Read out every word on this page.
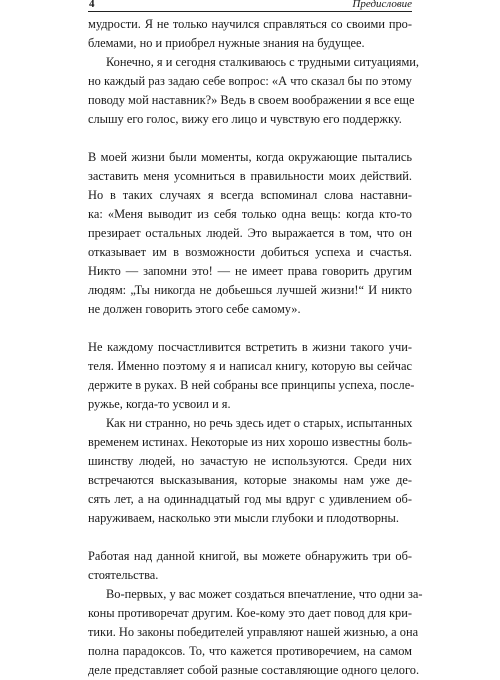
4	Предисловие
мудрости. Я не только научился справляться со своими про-
блемами, но и приобрел нужные знания на будущее.
Конечно, я и сегодня сталкиваюсь с трудными ситуациями,
но каждый раз задаю себе вопрос: «А что сказал бы по этому
поводу мой наставник?» Ведь в своем воображении я все еще
слышу его голос, вижу его лицо и чувствую его поддержку.
В моей жизни были моменты, когда окружающие пытались
заставить меня усомниться в правильности моих действий.
Но в таких случаях я всегда вспоминал слова наставни-
ка: «Меня выводит из себя только одна вещь: когда кто-то
презирает остальных людей. Это выражается в том, что он
отказывает им в возможности добиться успеха и счастья.
Никто — запомни это! — не имеет права говорить другим
людям: „Ты никогда не добьешься лучшей жизни!“ И никто
не должен говорить этого себе самому».
Не каждому посчастливится встретить в жизни такого учи-
теля. Именно поэтому я и написал книгу, которую вы сейчас
держите в руках. В ней собраны все принципы успеха, после-
ружье, когда-то усвоил и я.
Как ни странно, но речь здесь идет о старых, испытанных
временем истинах. Некоторые из них хорошо известны боль-
шинству людей, но зачастую не используются. Среди них
встречаются высказывания, которые знакомы нам уже де-
сять лет, а на одиннадцатый год мы вдруг с удивлением об-
наруживаем, насколько эти мысли глубоки и плодотворны.
Работая над данной книгой, вы можете обнаружить три об-
стоятельства.
Во-первых, у вас может создаться впечатление, что одни за-
коны противоречат другим. Кое-кому это дает повод для кри-
тики. Но законы победителей управляют нашей жизнью, а она
полна парадоксов. То, что кажется противоречием, на самом
деле представляет собой разные составляющие одного целого.
